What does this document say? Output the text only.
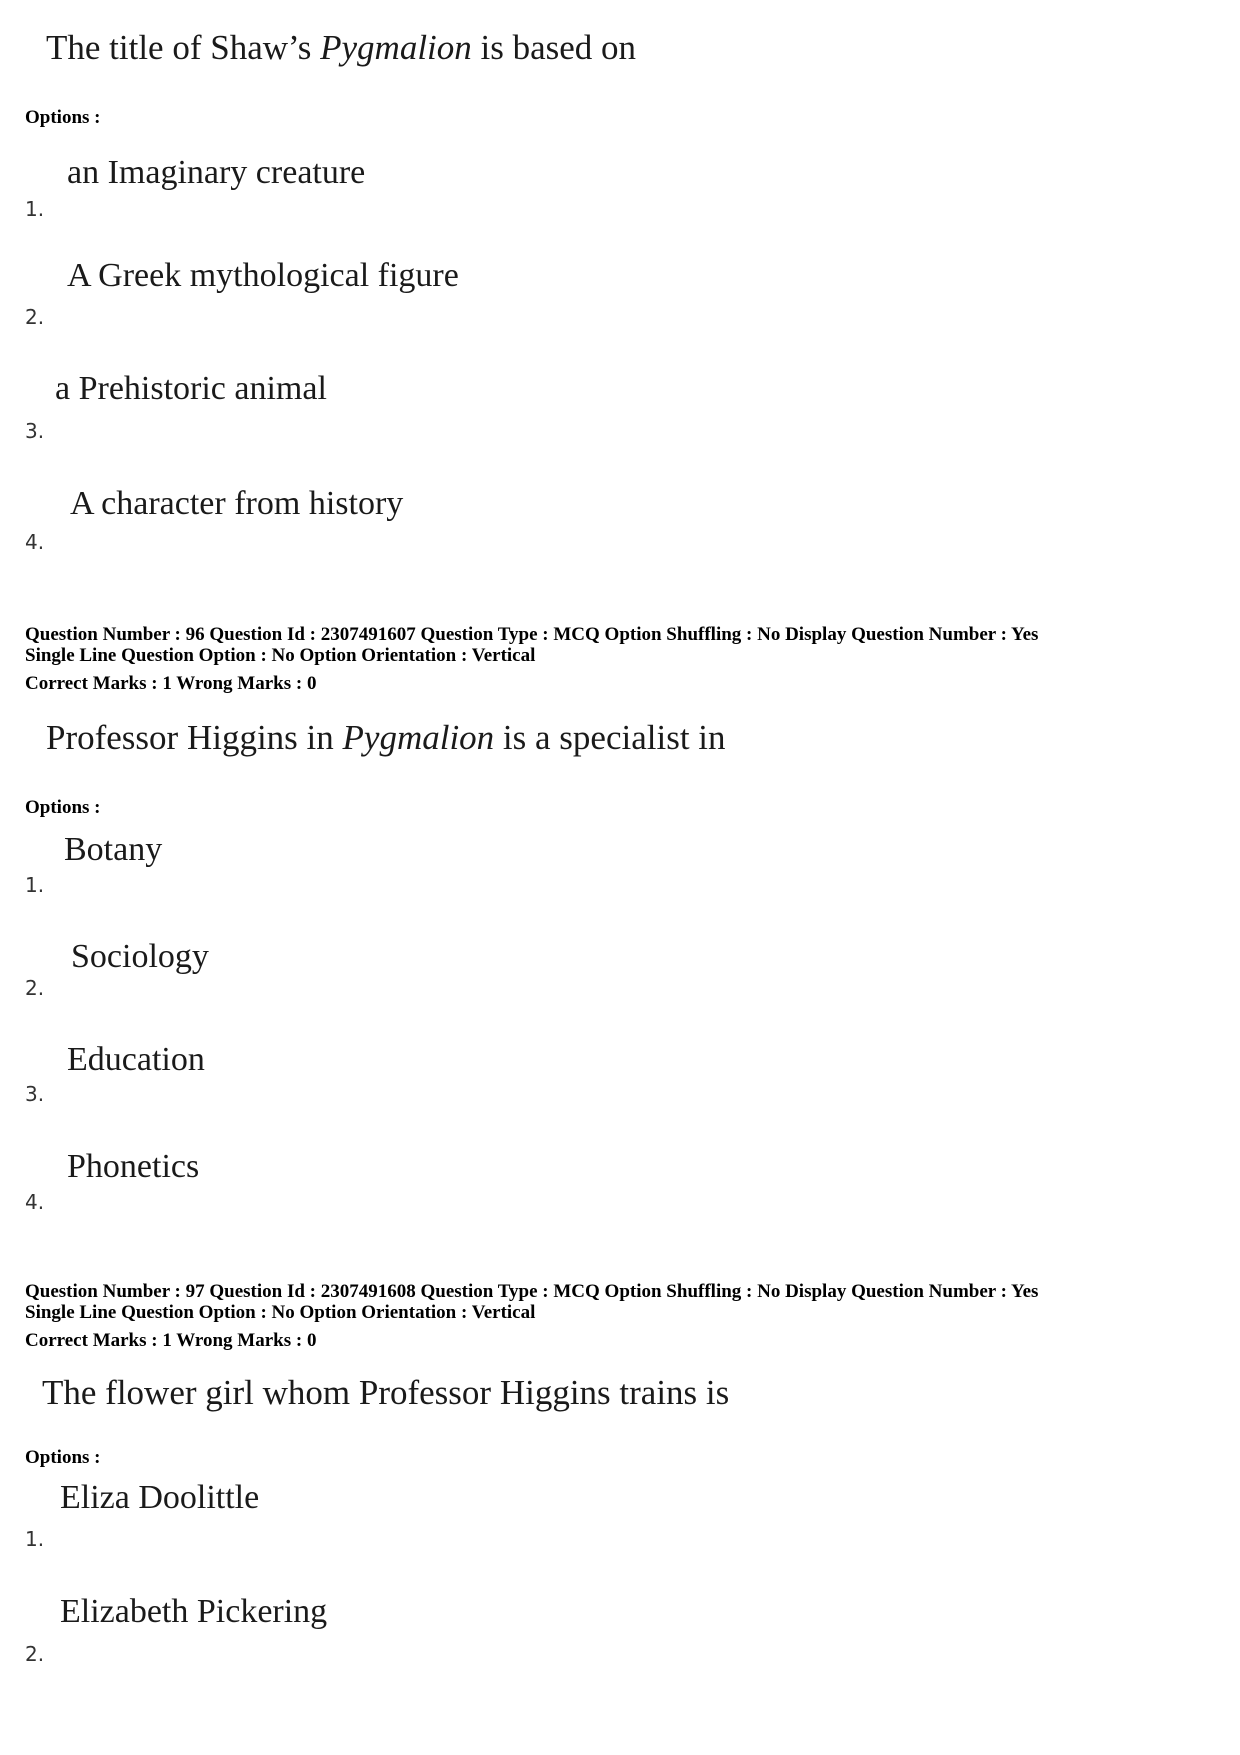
The title of Shaw’s Pygmalion is based on
Options :
an Imaginary creature
1.
A Greek mythological figure
2.
a Prehistoric animal
3.
A character from history
4.
Question Number : 96 Question Id : 2307491607 Question Type : MCQ Option Shuffling : No Display Question Number : Yes
Single Line Question Option : No Option Orientation : Vertical
Correct Marks : 1 Wrong Marks : 0
Professor Higgins in Pygmalion is a specialist in
Options :
Botany
1.
Sociology
2.
Education
3.
Phonetics
4.
Question Number : 97 Question Id : 2307491608 Question Type : MCQ Option Shuffling : No Display Question Number : Yes
Single Line Question Option : No Option Orientation : Vertical
Correct Marks : 1 Wrong Marks : 0
The flower girl whom Professor Higgins trains is
Options :
Eliza Doolittle
1.
Elizabeth Pickering
2.
